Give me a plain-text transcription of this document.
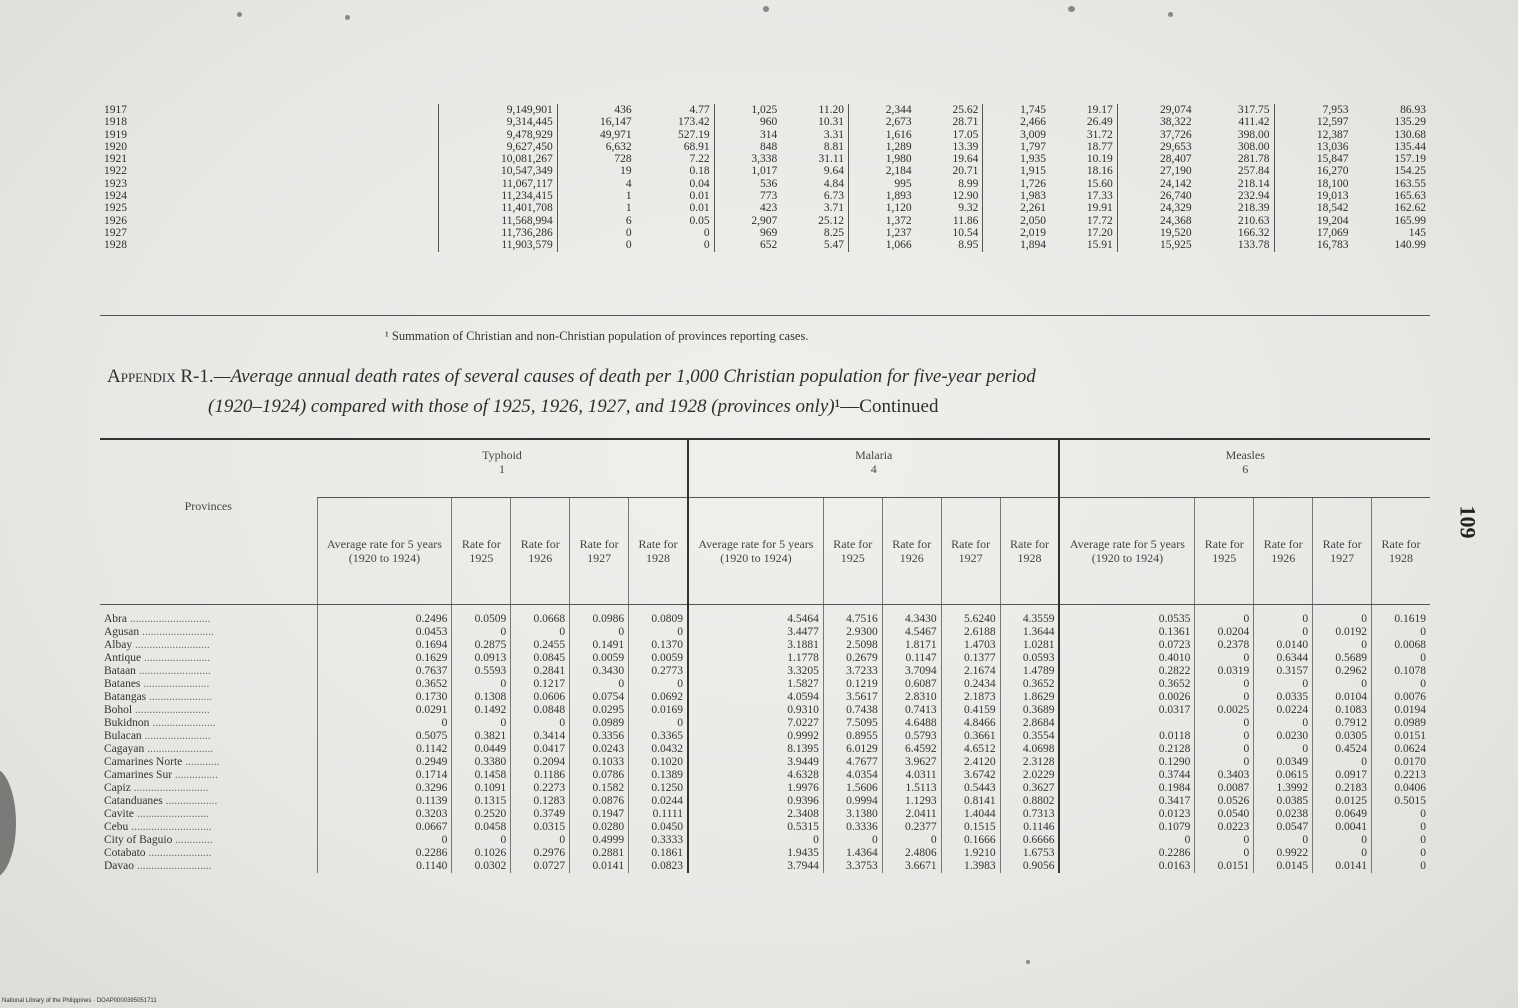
1917	9,149,901	436	4.77	1,025	11.20	2,344	25.62	1,745	19.17	29,074	317.75	7,953	86.93
1918	9,314,445	16,147	173.42	960	10.31	2,673	28.71	2,466	26.49	38,322	411.42	12,597	135.29
1919	9,478,929	49,971	527.19	314	3.31	1,616	17.05	3,009	31.72	37,726	398.00	12,387	130.68
1920	9,627,450	6,632	68.91	848	8.81	1,289	13.39	1,797	18.77	29,653	308.00	13,036	135.44
1921	10,081,267	728	7.22	3,338	31.11	1,980	19.64	1,935	10.19	28,407	281.78	15,847	157.19
1922	10,547,349	19	0.18	1,017	9.64	2,184	20.71	1,915	18.16	27,190	257.84	16,270	154.25
1923	11,067,117	4	0.04	536	4.84	995	8.99	1,726	15.60	24,142	218.14	18,100	163.55
1924	11,234,415	1	0.01	773	6.73	1,893	12.90	1,983	17.33	26,740	232.94	19,013	165.63
1925	11,401,708	1	0.01	423	3.71	1,120	9.32	2,261	19.91	24,329	218.39	18,542	162.62
1926	11,568,994	6	0.05	2,907	25.12	1,372	11.86	2,050	17.72	24,368	210.63	19,204	165.99
1927	11,736,286	0	0	969	8.25	1,237	10.54	2,019	17.20	19,520	166.32	17,069	145
1928	11,903,579	0	0	652	5.47	1,066	8.95	1,894	15.91	15,925	133.78	16,783	140.99
¹ Summation of Christian and non-Christian population of provinces reporting cases.
Appendix R-1.—Average annual death rates of several causes of death per 1,000 Christian population for five-year period
(1920–1924) compared with those of 1925, 1926, 1927, and 1928 (provinces only)¹—Continued
109
Provinces	Typhoid
1					Malaria
4					Measles
6				
	Average rate for 5 years (1920 to 1924)	Rate for 1925	Rate for 1926	Rate for 1927	Rate for 1928	Average rate for 5 years (1920 to 1924)	Rate for 1925	Rate for 1926	Rate for 1927	Rate for 1928	Average rate for 5 years (1920 to 1924)	Rate for 1925	Rate for 1926	Rate for 1927	Rate for 1928
Abra ............................	0.2496	0.0509	0.0668	0.0986	0.0809	4.5464	4.7516	4.3430	5.6240	4.3559	0.0535	0	0	0	0.1619
Agusan .........................	0.0453	0	0	0	0	3.4477	2.9300	4.5467	2.6188	1.3644	0.1361	0.0204	0	0.0192	0
Albay ..........................	0.1694	0.2875	0.2455	0.1491	0.1370	3.1881	2.5098	1.8171	1.4703	1.0281	0.0723	0.2378	0.0140	0	0.0068
Antique .......................	0.1629	0.0913	0.0845	0.0059	0.0059	1.1778	0.2679	0.1147	0.1377	0.0593	0.4010	0	0.6344	0.5689	0
Bataan .........................	0.7637	0.5593	0.2841	0.3430	0.2773	3.3205	3.7233	3.7094	2.1674	1.4789	0.2822	0.0319	0.3157	0.2962	0.1078
Batanes .......................	0.3652	0	0.1217	0	0	1.5827	0.1219	0.6087	0.2434	0.3652	0.3652	0	0	0	0
Batangas ......................	0.1730	0.1308	0.0606	0.0754	0.0692	4.0594	3.5617	2.8310	2.1873	1.8629	0.0026	0	0.0335	0.0104	0.0076
Bohol ..........................	0.0291	0.1492	0.0848	0.0295	0.0169	0.9310	0.7438	0.7413	0.4159	0.3689	0.0317	0.0025	0.0224	0.1083	0.0194
Bukidnon ......................	0	0	0	0.0989	0	7.0227	7.5095	4.6488	4.8466	2.8684		0	0	0.7912	0.0989
Bulacan .......................	0.5075	0.3821	0.3414	0.3356	0.3365	0.9992	0.8955	0.5793	0.3661	0.3554	0.0118	0	0.0230	0.0305	0.0151
Cagayan .......................	0.1142	0.0449	0.0417	0.0243	0.0432	8.1395	6.0129	6.4592	4.6512	4.0698	0.2128	0	0	0.4524	0.0624
Camarines Norte ............	0.2949	0.3380	0.2094	0.1033	0.1020	3.9449	4.7677	3.9627	2.4120	2.3128	0.1290	0	0.0349	0	0.0170
Camarines Sur ...............	0.1714	0.1458	0.1186	0.0786	0.1389	4.6328	4.0354	4.0311	3.6742	2.0229	0.3744	0.3403	0.0615	0.0917	0.2213
Capiz ..........................	0.3296	0.1091	0.2273	0.1582	0.1250	1.9976	1.5606	1.5113	0.5443	0.3627	0.1984	0.0087	1.3992	0.2183	0.0406
Catanduanes ..................	0.1139	0.1315	0.1283	0.0876	0.0244	0.9396	0.9994	1.1293	0.8141	0.8802	0.3417	0.0526	0.0385	0.0125	0.5015
Cavite .........................	0.3203	0.2520	0.3749	0.1947	0.1111	2.3408	3.1380	2.0411	1.4044	0.7313	0.0123	0.0540	0.0238	0.0649	0
Cebu ............................	0.0667	0.0458	0.0315	0.0280	0.0450	0.5315	0.3336	0.2377	0.1515	0.1146	0.1079	0.0223	0.0547	0.0041	0
City of Baguio .............	0	0	0	0.4999	0.3333	0	0	0	0.1666	0.6666	0	0	0	0	0
Cotabato ......................	0.2286	0.1026	0.2976	0.2881	0.1861	1.9435	1.4364	2.4806	1.9210	1.6753	0.2286	0	0.9922	0	0
Davao ..........................	0.1140	0.0302	0.0727	0.0141	0.0823	3.7944	3.3753	3.6671	1.3983	0.9056	0.0163	0.0151	0.0145	0.0141	0
National Library of the Philippines · DOAP0000395051711
